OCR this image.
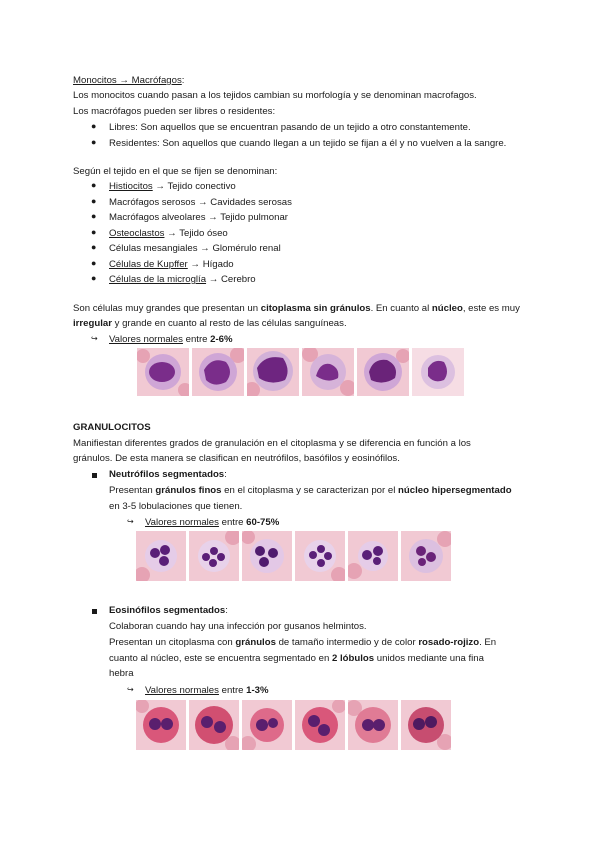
Monocitos → Macrófagos:
Los monocitos cuando pasan a los tejidos cambian su morfología y se denominan macrofagos.
Los macrófagos pueden ser libres o residentes:
● Libres: Son aquellos que se encuentran pasando de un tejido a otro constantemente.
● Residentes: Son aquellos que cuando llegan a un tejido se fijan a él y no vuelven a la sangre.
Según el tejido en el que se fijen se denominan:
● Histiocitos → Tejido conectivo
● Macrófagos serosos → Cavidades serosas
● Macrófagos alveolares → Tejido pulmonar
● Osteoclastos → Tejido óseo
● Células mesangiales → Glomérulo renal
● Células de Kupffer → Hígado
● Células de la microglía → Cerebro
Son células muy grandes que presentan un citoplasma sin gránulos. En cuanto al núcleo, este es muy
irregular y grande en cuanto al resto de las células sanguíneas.
↪ Valores normales entre 2-6%
GRANULOCITOS
Manifiestan diferentes grados de granulación en el citoplasma y se diferencia en función a los
gránulos. De esta manera se clasifican en neutrófilos, basófilos y eosinófilos.
Neutrófilos segmentados:
Presentan gránulos finos en el citoplasma y se caracterizan por el núcleo hipersegmentado
en 3-5 lobulaciones que tienen.
↪ Valores normales entre 60-75%
Eosinófilos segmentados:
Colaboran cuando hay una infección por gusanos helmintos.
Presentan un citoplasma con gránulos de tamaño intermedio y de color rosado-rojizo. En
cuanto al núcleo, este se encuentra segmentado en 2 lóbulos unidos mediante una fina
hebra
↪ Valores normales entre 1-3%
